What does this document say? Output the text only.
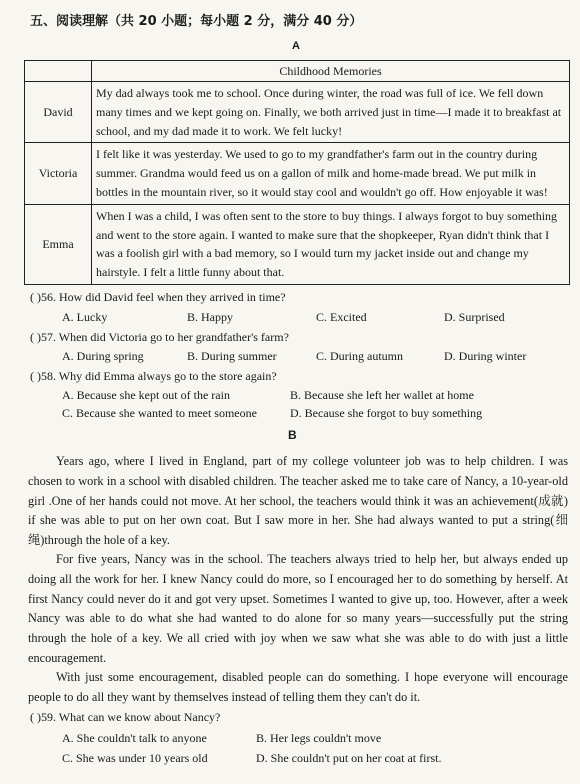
五、阅读理解（共 20 小题；每小题 2 分，满分 40 分）
A
	Childhood Memories
David	My dad always took me to school. Once during winter, the road was full of ice. We fell down many times and we kept going on. Finally, we both arrived just in time—I made it to breakfast at school, and my dad made it to work. We felt lucky!
Victoria	I felt like it was yesterday. We used to go to my grandfather's farm out in the country during summer. Grandma would feed us on a gallon of milk and home-made bread. We put milk in bottles in the mountain river, so it would stay cool and wouldn't go off. How enjoyable it was!
Emma	When I was a child, I was often sent to the store to buy things. I always forgot to buy something and went to the store again. I wanted to make sure that the shopkeeper, Ryan didn't think that I was a foolish girl with a bad memory, so I would turn my jacket inside out and change my hairstyle. I felt a little funny about that.
( )56. How did David feel when they arrived in time?
A. Lucky	B. Happy	C. Excited	D. Surprised
( )57. When did Victoria go to her grandfather's farm?
A. During spring	B. During summer	C. During autumn	D. During winter
( )58. Why did Emma always go to the store again?
A. Because she kept out of the rain	B. Because she left her wallet at home
C. Because she wanted to meet someone	D. Because she forgot to buy something
B

Years ago, where I lived in England, part of my college volunteer job was to help children. I was chosen to work in a school with disabled children. The teacher asked me to take care of Nancy, a 10-year-old girl .One of her hands could not move. At her school, the teachers would think it was an achievement(成就) if she was able to put on her own coat. But I saw more in her. She had always wanted to put a string(细绳)through the hole of a key.

For five years, Nancy was in the school. The teachers always tried to help her, but always ended up doing all the work for her. I knew Nancy could do more, so I encouraged her to do something by herself. At first Nancy could never do it and got very upset. Sometimes I wanted to give up, too. However, after a week Nancy was able to do what she had wanted to do alone for so many years—successfully put the string through the hole of a key. We all cried with joy when we saw what she was able to do with just a little encouragement.

With just some encouragement, disabled people can do something. I hope everyone will encourage people to do all they want by themselves instead of telling them they can't do it.

( )59. What can we know about Nancy?
A. She couldn't talk to anyone	B. Her legs couldn't move
C. She was under 10 years old	D. She couldn't put on her coat at first.
